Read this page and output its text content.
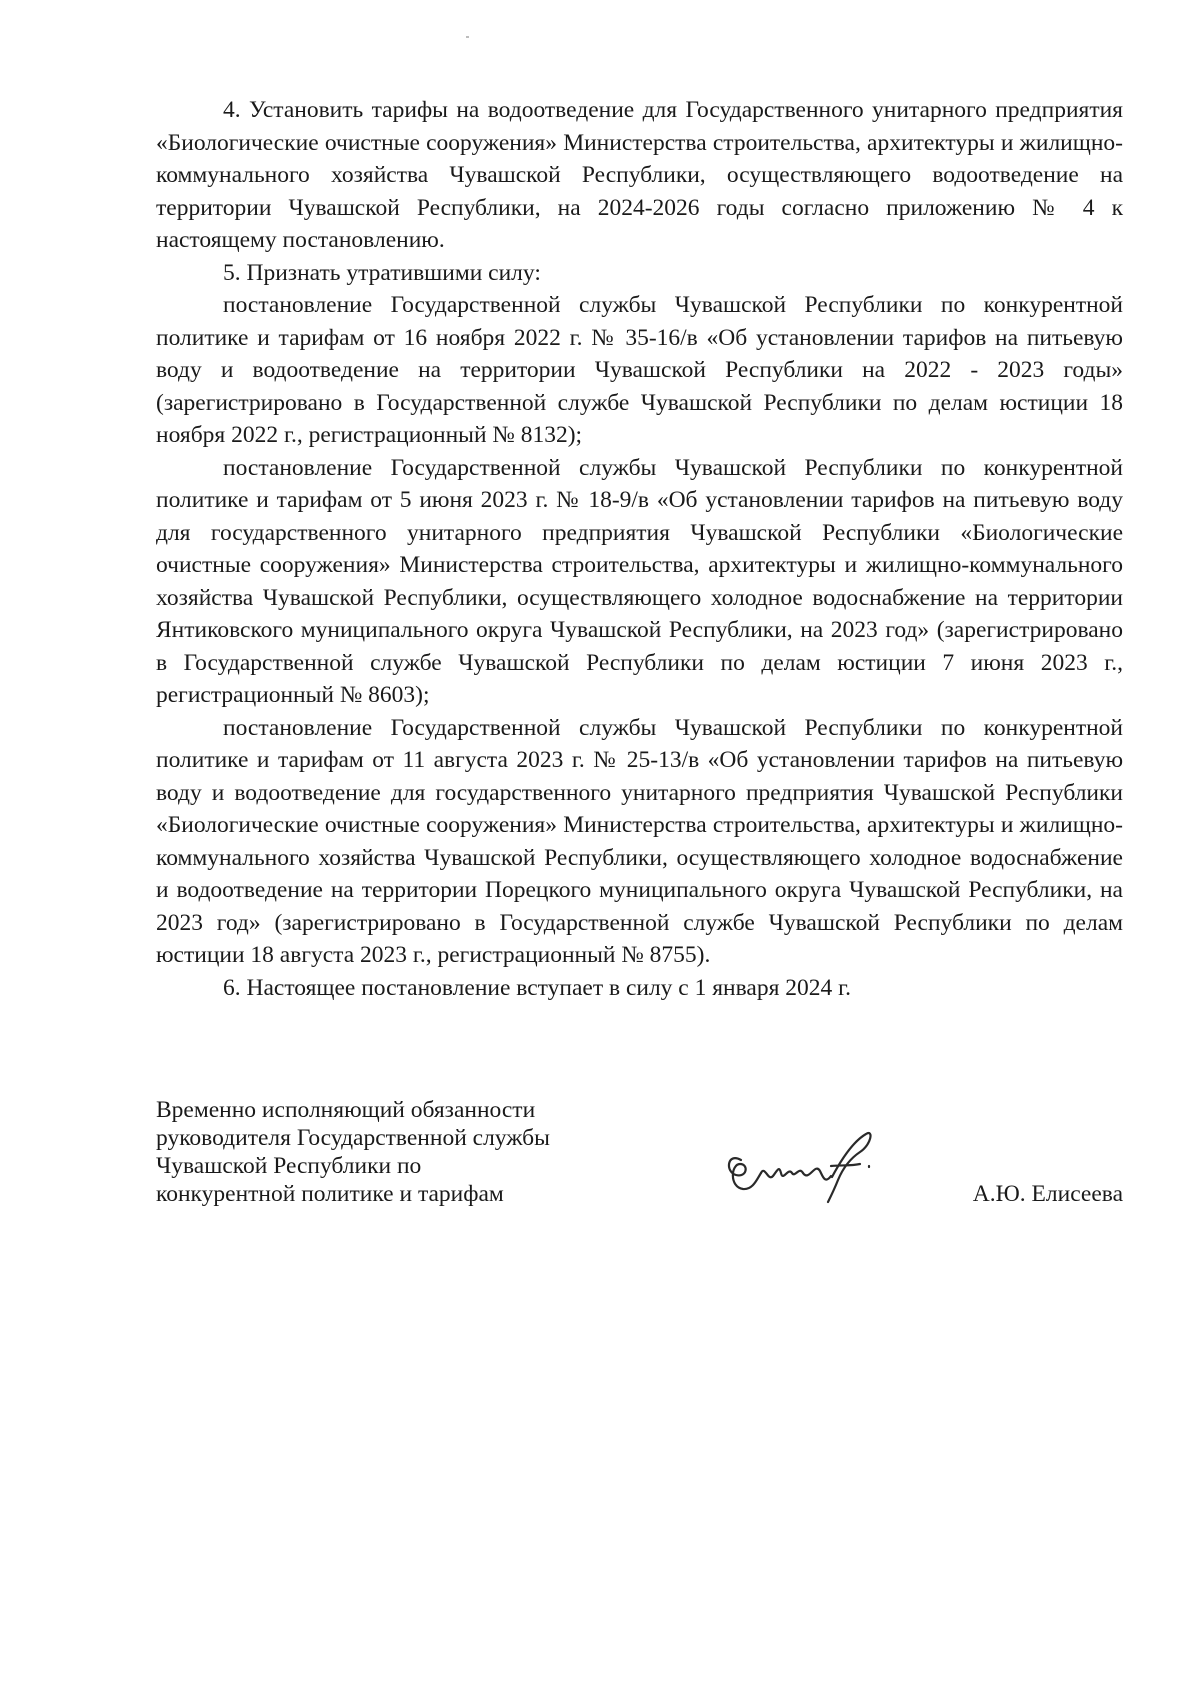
4. Установить тарифы на водоотведение для Государственного унитарного предприятия «Биологические очистные сооружения» Министерства строительства, архитектуры и жилищно-коммунального хозяйства Чувашской Республики, осуществляющего водоотведение на территории Чувашской Республики, на 2024-2026 годы согласно приложению № 4 к настоящему постановлению.

5. Признать утратившими силу:

постановление Государственной службы Чувашской Республики по конкурентной политике и тарифам от 16 ноября 2022 г. № 35-16/в «Об установлении тарифов на питьевую воду и водоотведение на территории Чувашской Республики на 2022 - 2023 годы» (зарегистрировано в Государственной службе Чувашской Республики по делам юстиции 18 ноября 2022 г., регистрационный № 8132);

постановление Государственной службы Чувашской Республики по конкурентной политике и тарифам от 5 июня 2023 г. № 18-9/в «Об установлении тарифов на питьевую воду для государственного унитарного предприятия Чувашской Республики «Биологические очистные сооружения» Министерства строительства, архитектуры и жилищно-коммунального хозяйства Чувашской Республики, осуществляющего холодное водоснабжение на территории Янтиковского муниципального округа Чувашской Республики, на 2023 год» (зарегистрировано в Государственной службе Чувашской Республики по делам юстиции 7 июня 2023 г., регистрационный № 8603);

постановление Государственной службы Чувашской Республики по конкурентной политике и тарифам от 11 августа 2023 г. № 25-13/в «Об установлении тарифов на питьевую воду и водоотведение для государственного унитарного предприятия Чувашской Республики «Биологические очистные сооружения» Министерства строительства, архитектуры и жилищно-коммунального хозяйства Чувашской Республики, осуществляющего холодное водоснабжение и водоотведение на территории Порецкого муниципального округа Чувашской Республики, на 2023 год» (зарегистрировано в Государственной службе Чувашской Республики по делам юстиции 18 августа 2023 г., регистрационный № 8755).

6. Настоящее постановление вступает в силу с 1 января 2024 г.

Временно исполняющий обязанности
руководителя Государственной службы
Чувашской Республики по
конкурентной политике и тарифам	А.Ю. Елисеева
